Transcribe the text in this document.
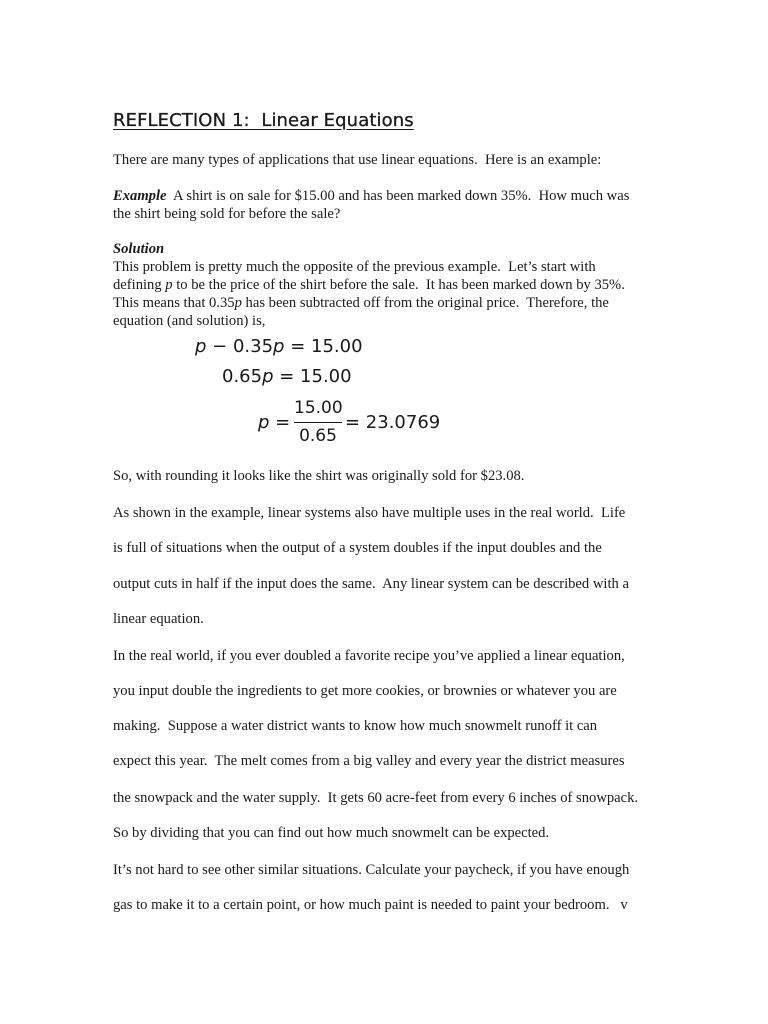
REFLECTION 1:  Linear Equations
There are many types of applications that use linear equations.  Here is an example:
Example  A shirt is on sale for $15.00 and has been marked down 35%.  How much was
the shirt being sold for before the sale?
Solution
This problem is pretty much the opposite of the previous example.  Let’s start with
defining p to be the price of the shirt before the sale.  It has been marked down by 35%.
This means that 0.35p has been subtracted off from the original price.  Therefore, the
equation (and solution) is,
p − 0.35p = 15.00
0.65p = 15.00
p =
15.00
0.65
= 23.0769
So, with rounding it looks like the shirt was originally sold for $23.08.
As shown in the example, linear systems also have multiple uses in the real world.  Life
is full of situations when the output of a system doubles if the input doubles and the
output cuts in half if the input does the same.  Any linear system can be described with a
linear equation.
In the real world, if you ever doubled a favorite recipe you’ve applied a linear equation,
you input double the ingredients to get more cookies, or brownies or whatever you are
making.  Suppose a water district wants to know how much snowmelt runoff it can
expect this year.  The melt comes from a big valley and every year the district measures
the snowpack and the water supply.  It gets 60 acre-feet from every 6 inches of snowpack.
So by dividing that you can find out how much snowmelt can be expected.
It’s not hard to see other similar situations. Calculate your paycheck, if you have enough
gas to make it to a certain point, or how much paint is needed to paint your bedroom.   v
